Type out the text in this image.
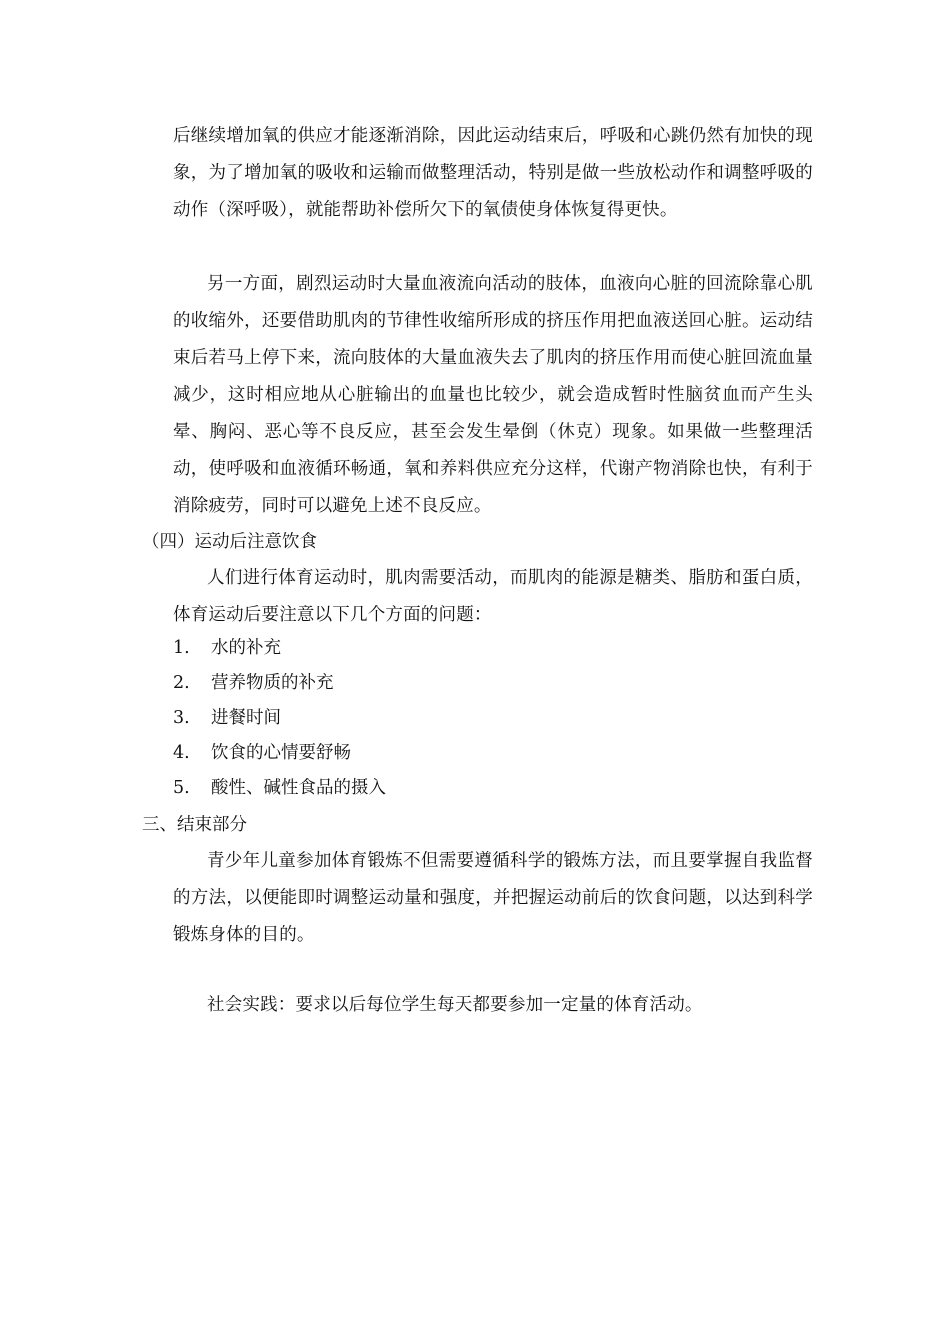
后继续增加氧的供应才能逐渐消除，因此运动结束后，呼吸和心跳仍然有加快的现象，为了增加氧的吸收和运输而做整理活动，特别是做一些放松动作和调整呼吸的动作（深呼吸），就能帮助补偿所欠下的氧债使身体恢复得更快。

另一方面，剧烈运动时大量血液流向活动的肢体，血液向心脏的回流除靠心肌的收缩外，还要借助肌肉的节律性收缩所形成的挤压作用把血液送回心脏。运动结束后若马上停下来，流向肢体的大量血液失去了肌肉的挤压作用而使心脏回流血量减少，这时相应地从心脏输出的血量也比较少，就会造成暂时性脑贫血而产生头晕、胸闷、恶心等不良反应，甚至会发生晕倒（休克）现象。如果做一些整理活动，使呼吸和血液循环畅通，氧和养料供应充分这样，代谢产物消除也快，有利于消除疲劳，同时可以避免上述不良反应。

（四）运动后注意饮食

人们进行体育运动时，肌肉需要活动，而肌肉的能源是糖类、脂肪和蛋白质，体育运动后要注意以下几个方面的问题：

1. 水的补充
2. 营养物质的补充
3. 进餐时间
4. 饮食的心情要舒畅
5. 酸性、碱性食品的摄入

三、结束部分

青少年儿童参加体育锻炼不但需要遵循科学的锻炼方法，而且要掌握自我监督的方法，以便能即时调整运动量和强度，并把握运动前后的饮食问题，以达到科学锻炼身体的目的。

社会实践：要求以后每位学生每天都要参加一定量的体育活动。
